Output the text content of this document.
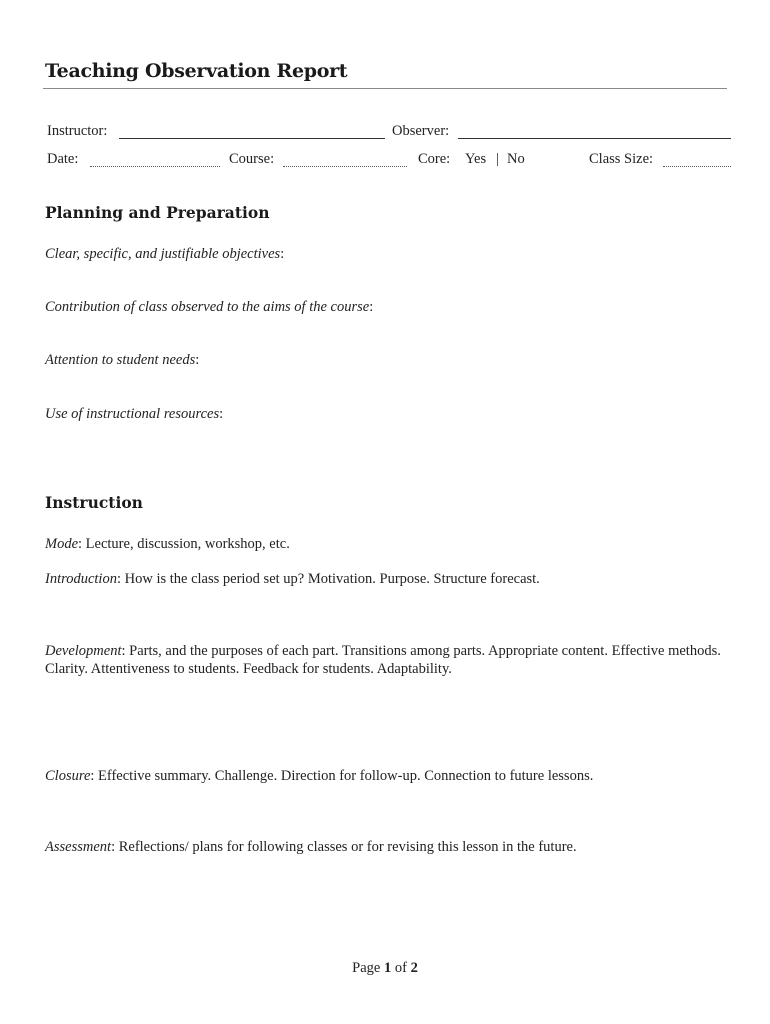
Teaching Observation Report
Instructor:	Observer:
Date:	Course:	Core: Yes | No	Class Size:
Planning and Preparation
Clear, specific, and justifiable objectives:
Contribution of class observed to the aims of the course:
Attention to student needs:
Use of instructional resources:
Instruction
Mode: Lecture, discussion, workshop, etc.
Introduction: How is the class period set up? Motivation. Purpose. Structure forecast.
Development: Parts, and the purposes of each part. Transitions among parts. Appropriate content. Effective methods. Clarity. Attentiveness to students. Feedback for students. Adaptability.
Closure: Effective summary. Challenge. Direction for follow-up. Connection to future lessons.
Assessment: Reflections/ plans for following classes or for revising this lesson in the future.
Page 1 of 2
